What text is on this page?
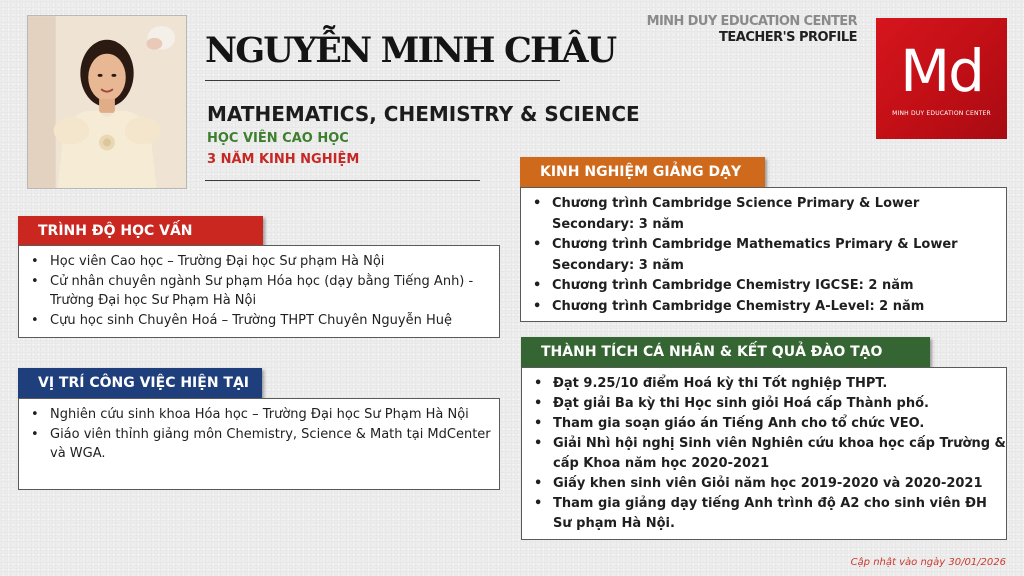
NGUYỄN MINH CHÂU
MATHEMATICS, CHEMISTRY & SCIENCE
HỌC VIÊN CAO HỌC
3 NĂM KINH NGHIỆM
MINH DUY EDUCATION CENTER
TEACHER'S PROFILE Md
MINH DUY EDUCATION CENTER
TRÌNH ĐỘ HỌC VẤN
• Học viên Cao học – Trường Đại học Sư phạm Hà Nội
• Cử nhân chuyên ngành Sư phạm Hóa học (dạy bằng Tiếng Anh) - Trường Đại học Sư Phạm Hà Nội
• Cựu học sinh Chuyên Hoá – Trường THPT Chuyên Nguyễn Huệ
VỊ TRÍ CÔNG VIỆC HIỆN TẠI
• Nghiên cứu sinh khoa Hóa học – Trường Đại học Sư Phạm Hà Nội
• Giáo viên thỉnh giảng môn Chemistry, Science & Math tại MdCenter và WGA.
KINH NGHIỆM GIẢNG DẠY
• Chương trình Cambridge Science Primary & Lower Secondary: 3 năm
• Chương trình Cambridge Mathematics Primary & Lower Secondary: 3 năm
• Chương trình Cambridge Chemistry IGCSE: 2 năm
• Chương trình Cambridge Chemistry A-Level: 2 năm
THÀNH TÍCH CÁ NHÂN & KẾT QUẢ ĐÀO TẠO
• Đạt 9.25/10 điểm Hoá kỳ thi Tốt nghiệp THPT.
• Đạt giải Ba kỳ thi Học sinh giỏi Hoá cấp Thành phố.
• Tham gia soạn giáo án Tiếng Anh cho tổ chức VEO.
• Giải Nhì hội nghị Sinh viên Nghiên cứu khoa học cấp Trường & cấp Khoa năm học 2020-2021
• Giấy khen sinh viên Giỏi năm học 2019-2020 và 2020-2021
• Tham gia giảng dạy tiếng Anh trình độ A2 cho sinh viên ĐH Sư phạm Hà Nội.
Cập nhật vào ngày 30/01/2026
